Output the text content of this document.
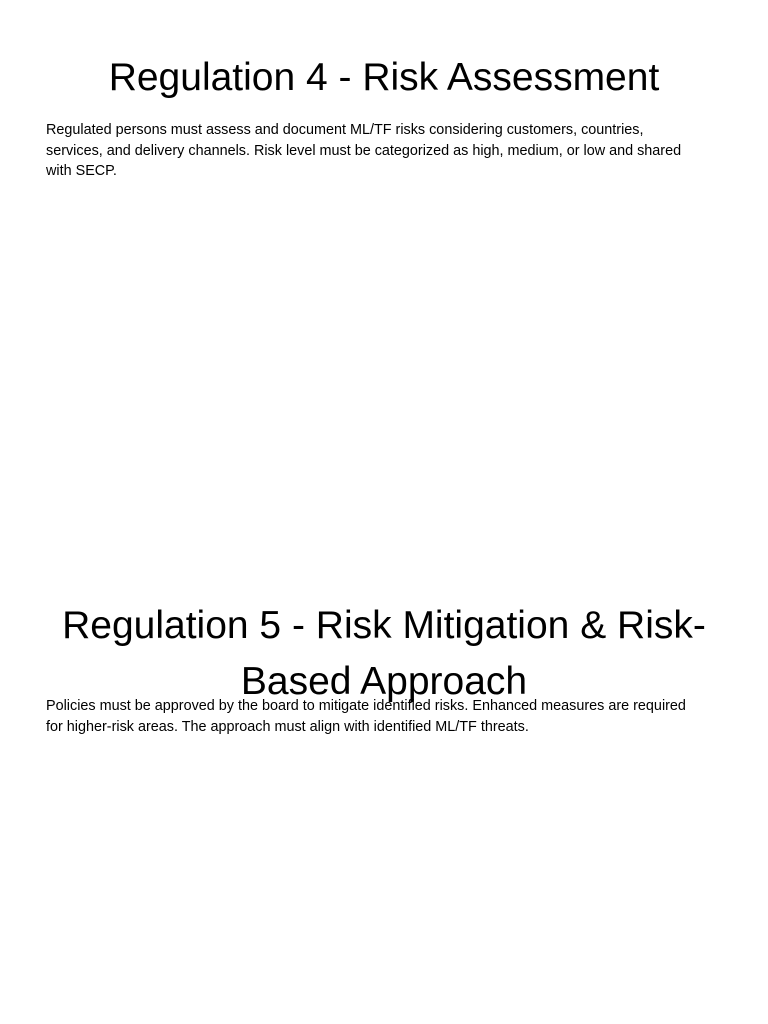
Regulation 4 - Risk Assessment

Regulated persons must assess and document ML/TF risks considering customers, countries, services, and delivery channels. Risk level must be categorized as high, medium, or low and shared with SECP.

Regulation 5 - Risk Mitigation & Risk-Based Approach

Policies must be approved by the board to mitigate identified risks. Enhanced measures are required for higher-risk areas. The approach must align with identified ML/TF threats.
